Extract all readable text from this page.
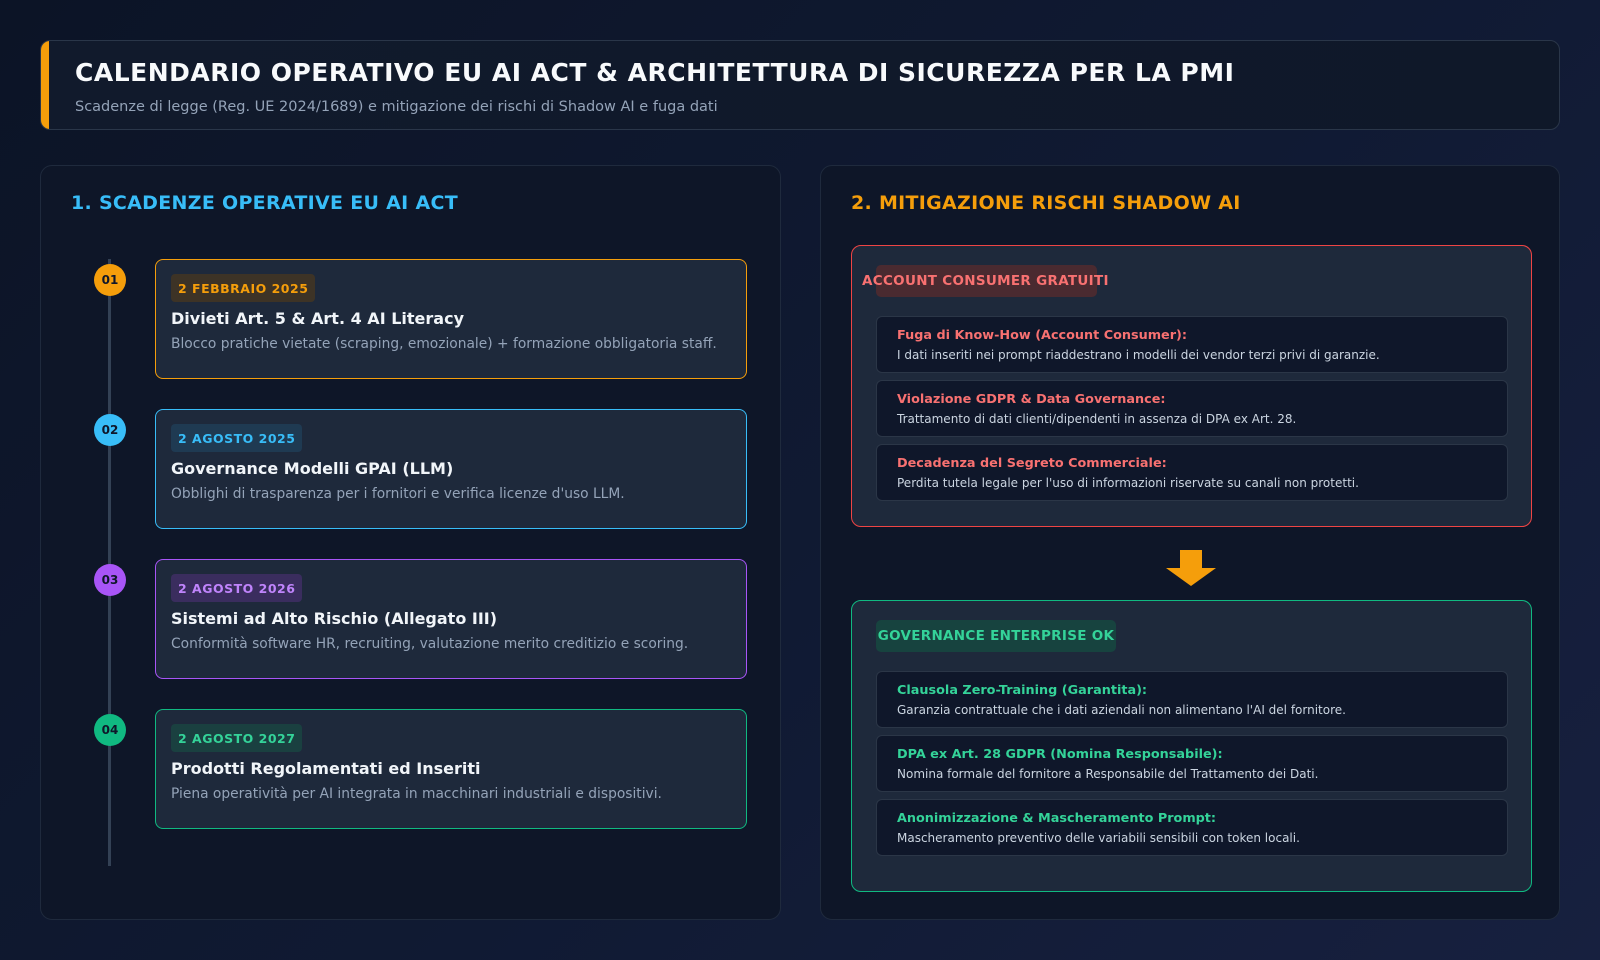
CALENDARIO OPERATIVO EU AI ACT & ARCHITETTURA DI SICUREZZA PER LA PMI
Scadenze di legge (Reg. UE 2024/1689) e mitigazione dei rischi di Shadow AI e fuga dati
1. SCADENZE OPERATIVE EU AI ACT
01
2 FEBBRAIO 2025
Divieti Art. 5 & Art. 4 AI Literacy
Blocco pratiche vietate (scraping, emozionale) + formazione obbligatoria staff.
02
2 AGOSTO 2025
Governance Modelli GPAI (LLM)
Obblighi di trasparenza per i fornitori e verifica licenze d'uso LLM.
03
2 AGOSTO 2026
Sistemi ad Alto Rischio (Allegato III)
Conformità software HR, recruiting, valutazione merito creditizio e scoring.
04
2 AGOSTO 2027
Prodotti Regolamentati ed Inseriti
Piena operatività per AI integrata in macchinari industriali e dispositivi.
2. MITIGAZIONE RISCHI SHADOW AI
ACCOUNT CONSUMER GRATUITI
Fuga di Know-How (Account Consumer):
I dati inseriti nei prompt riaddestrano i modelli dei vendor terzi privi di garanzie.
Violazione GDPR & Data Governance:
Trattamento di dati clienti/dipendenti in assenza di DPA ex Art. 28.
Decadenza del Segreto Commerciale:
Perdita tutela legale per l'uso di informazioni riservate su canali non protetti.
GOVERNANCE ENTERPRISE OK
Clausola Zero-Training (Garantita):
Garanzia contrattuale che i dati aziendali non alimentano l'AI del fornitore.
DPA ex Art. 28 GDPR (Nomina Responsabile):
Nomina formale del fornitore a Responsabile del Trattamento dei Dati.
Anonimizzazione & Mascheramento Prompt:
Mascheramento preventivo delle variabili sensibili con token locali.
